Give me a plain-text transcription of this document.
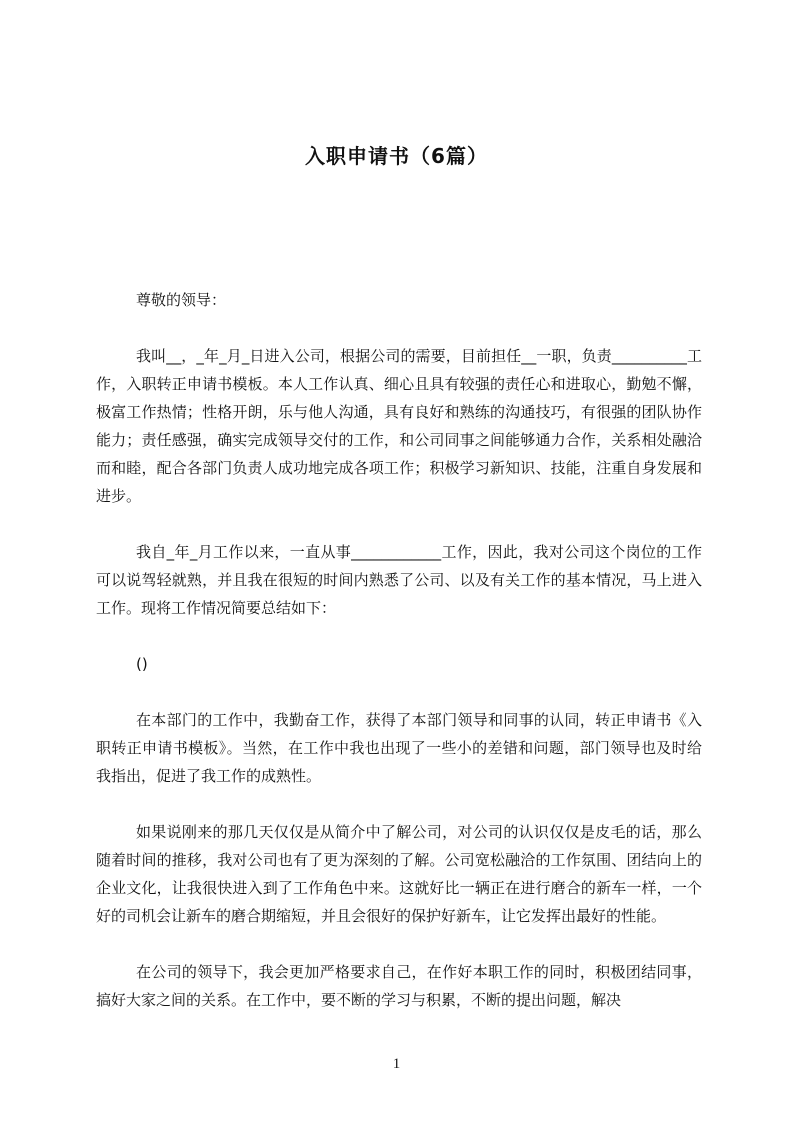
入职申请书（6篇）

尊敬的领导：

我叫__，_年_月_日进入公司，根据公司的需要，目前担任__一职，负责__________工作，入职转正申请书模板。本人工作认真、细心且具有较强的责任心和进取心，勤勉不懈，极富工作热情；性格开朗，乐与他人沟通，具有良好和熟练的沟通技巧，有很强的团队协作能力；责任感强，确实完成领导交付的工作，和公司同事之间能够通力合作，关系相处融洽而和睦，配合各部门负责人成功地完成各项工作；积极学习新知识、技能，注重自身发展和进步。

我自_年_月工作以来，一直从事____________工作，因此，我对公司这个岗位的工作可以说驾轻就熟，并且我在很短的时间内熟悉了公司、以及有关工作的基本情况，马上进入工作。现将工作情况简要总结如下：

()

在本部门的工作中，我勤奋工作，获得了本部门领导和同事的认同，转正申请书《入职转正申请书模板》。当然，在工作中我也出现了一些小的差错和问题，部门领导也及时给我指出，促进了我工作的成熟性。

如果说刚来的那几天仅仅是从简介中了解公司，对公司的认识仅仅是皮毛的话，那么随着时间的推移，我对公司也有了更为深刻的了解。公司宽松融洽的工作氛围、团结向上的企业文化，让我很快进入到了工作角色中来。这就好比一辆正在进行磨合的新车一样，一个好的司机会让新车的磨合期缩短，并且会很好的保护好新车，让它发挥出最好的性能。

在公司的领导下，我会更加严格要求自己，在作好本职工作的同时，积极团结同事，搞好大家之间的关系。在工作中，要不断的学习与积累，不断的提出问题，解决

1
